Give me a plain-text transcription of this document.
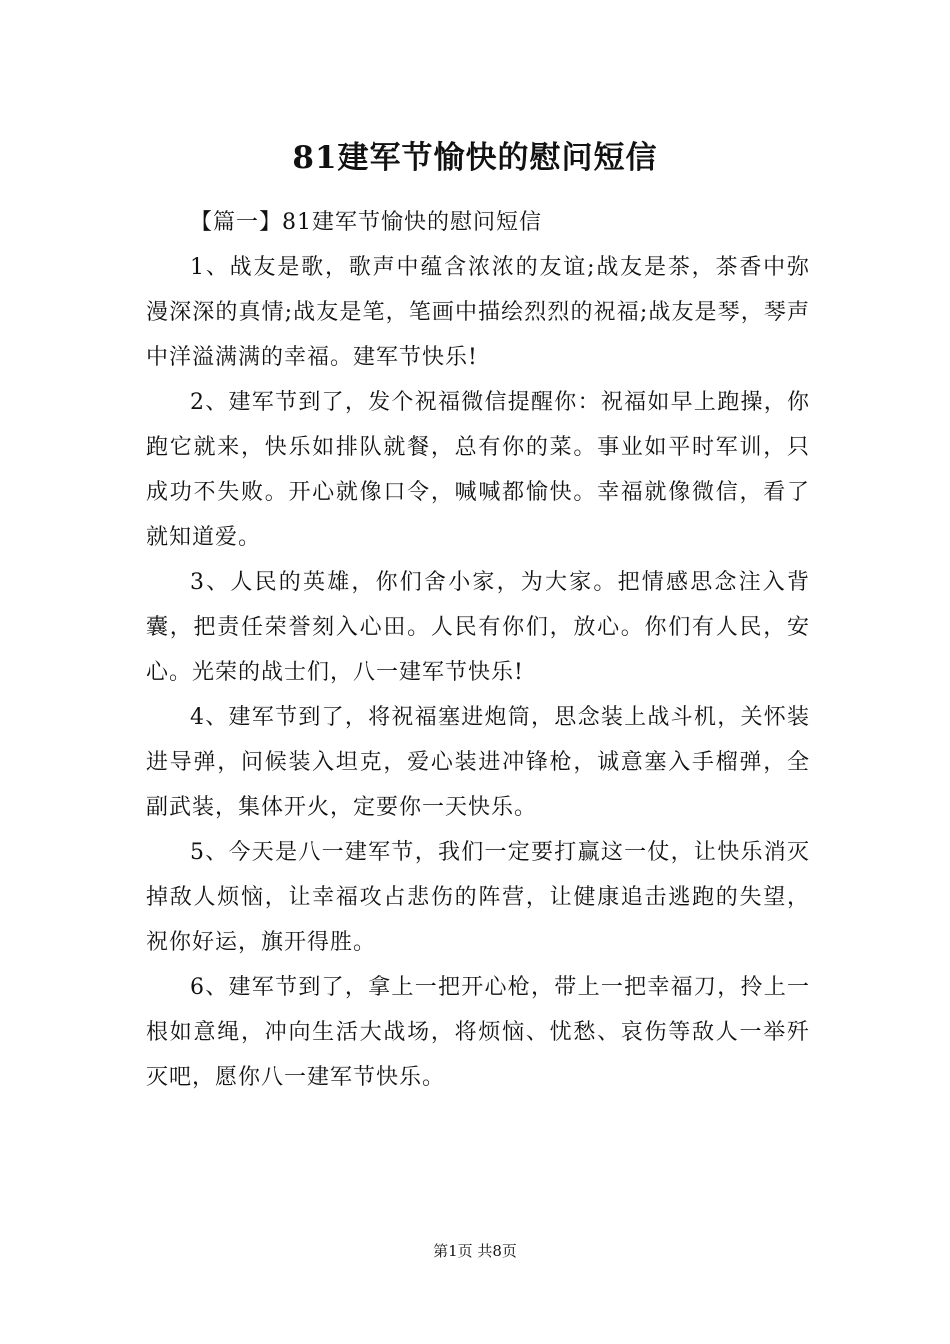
81建军节愉快的慰问短信

【篇一】81建军节愉快的慰问短信

1、战友是歌，歌声中蕴含浓浓的友谊;战友是茶，茶香中弥漫深深的真情;战友是笔，笔画中描绘烈烈的祝福;战友是琴，琴声中洋溢满满的幸福。建军节快乐!

2、建军节到了，发个祝福微信提醒你：祝福如早上跑操，你跑它就来，快乐如排队就餐，总有你的菜。事业如平时军训，只成功不失败。开心就像口令，喊喊都愉快。幸福就像微信，看了就知道爱。

3、人民的英雄，你们舍小家，为大家。把情感思念注入背囊，把责任荣誉刻入心田。人民有你们，放心。你们有人民，安心。光荣的战士们，八一建军节快乐!

4、建军节到了，将祝福塞进炮筒，思念装上战斗机，关怀装进导弹，问候装入坦克，爱心装进冲锋枪，诚意塞入手榴弹，全副武装，集体开火，定要你一天快乐。

5、今天是八一建军节，我们一定要打赢这一仗，让快乐消灭掉敌人烦恼，让幸福攻占悲伤的阵营，让健康追击逃跑的失望，祝你好运，旗开得胜。

6、建军节到了，拿上一把开心枪，带上一把幸福刀，拎上一根如意绳，冲向生活大战场，将烦恼、忧愁、哀伤等敌人一举歼灭吧，愿你八一建军节快乐。

第1页 共8页
